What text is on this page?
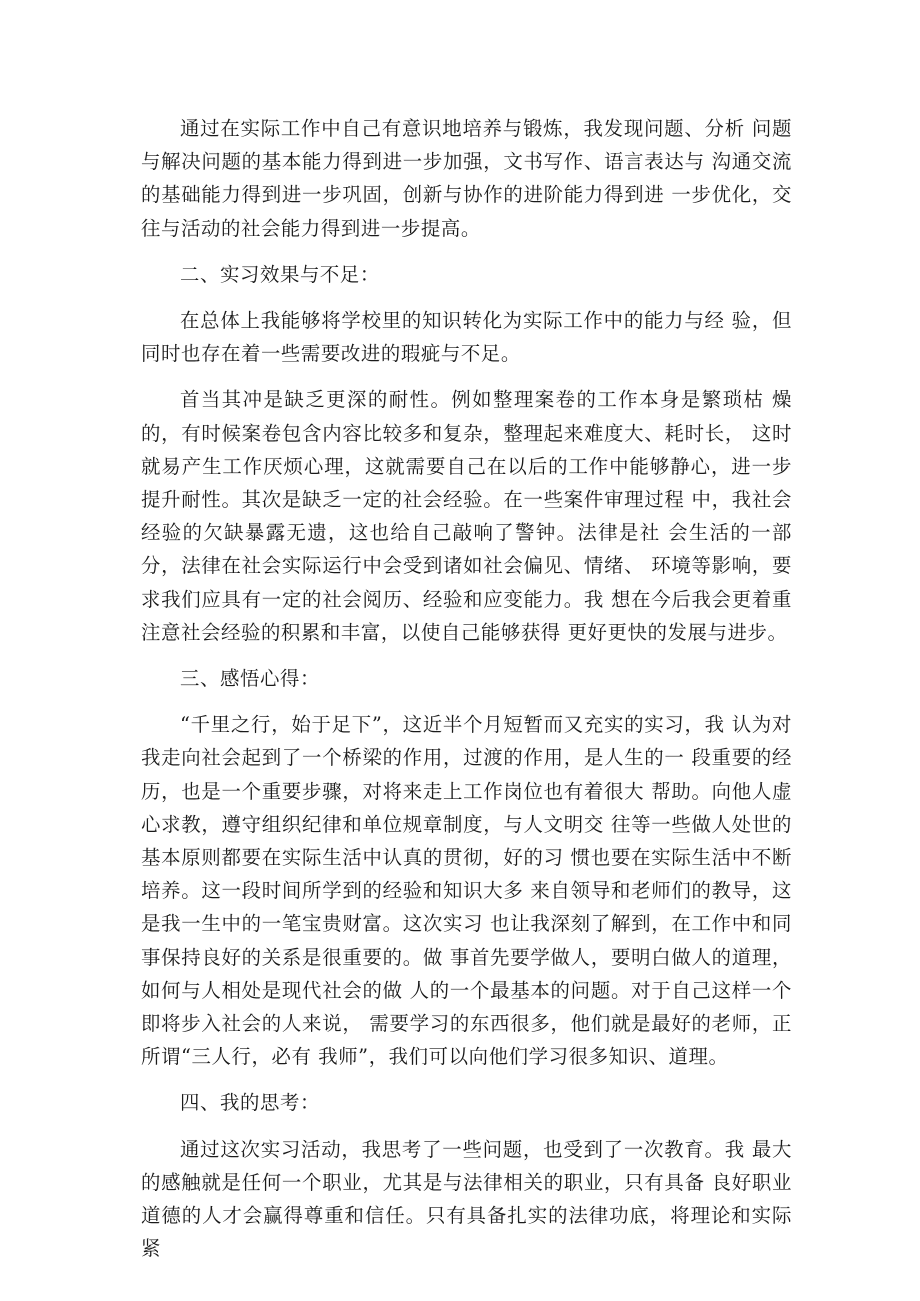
通过在实际工作中自己有意识地培养与锻炼，我发现问题、分析 问题与解决问题的基本能力得到进一步加强，文书写作、语言表达与 沟通交流的基础能力得到进一步巩固，创新与协作的进阶能力得到进 一步优化，交往与活动的社会能力得到进一步提高。

二、实习效果与不足：

在总体上我能够将学校里的知识转化为实际工作中的能力与经 验，但同时也存在着一些需要改进的瑕疵与不足。

首当其冲是缺乏更深的耐性。例如整理案卷的工作本身是繁琐枯 燥的，有时候案卷包含内容比较多和复杂，整理起来难度大、耗时长， 这时就易产生工作厌烦心理，这就需要自己在以后的工作中能够静心，进一步提升耐性。其次是缺乏一定的社会经验。在一些案件审理过程 中，我社会经验的欠缺暴露无遗，这也给自己敲响了警钟。法律是社 会生活的一部分，法律在社会实际运行中会受到诸如社会偏见、情绪、 环境等影响，要求我们应具有一定的社会阅历、经验和应变能力。我 想在今后我会更着重注意社会经验的积累和丰富，以使自己能够获得 更好更快的发展与进步。

三、感悟心得：

“千里之行，始于足下”，这近半个月短暂而又充实的实习，我 认为对我走向社会起到了一个桥梁的作用，过渡的作用，是人生的一 段重要的经历，也是一个重要步骤，对将来走上工作岗位也有着很大 帮助。向他人虚心求教，遵守组织纪律和单位规章制度，与人文明交 往等一些做人处世的基本原则都要在实际生活中认真的贯彻，好的习 惯也要在实际生活中不断培养。这一段时间所学到的经验和知识大多 来自领导和老师们的教导，这是我一生中的一笔宝贵财富。这次实习 也让我深刻了解到，在工作中和同事保持良好的关系是很重要的。做 事首先要学做人，要明白做人的道理，如何与人相处是现代社会的做 人的一个最基本的问题。对于自己这样一个即将步入社会的人来说， 需要学习的东西很多，他们就是最好的老师，正所谓“三人行，必有 我师”，我们可以向他们学习很多知识、道理。

四、我的思考：

通过这次实习活动，我思考了一些问题，也受到了一次教育。我 最大的感触就是任何一个职业，尤其是与法律相关的职业，只有具备 良好职业道德的人才会赢得尊重和信任。只有具备扎实的法律功底，将理论和实际紧
